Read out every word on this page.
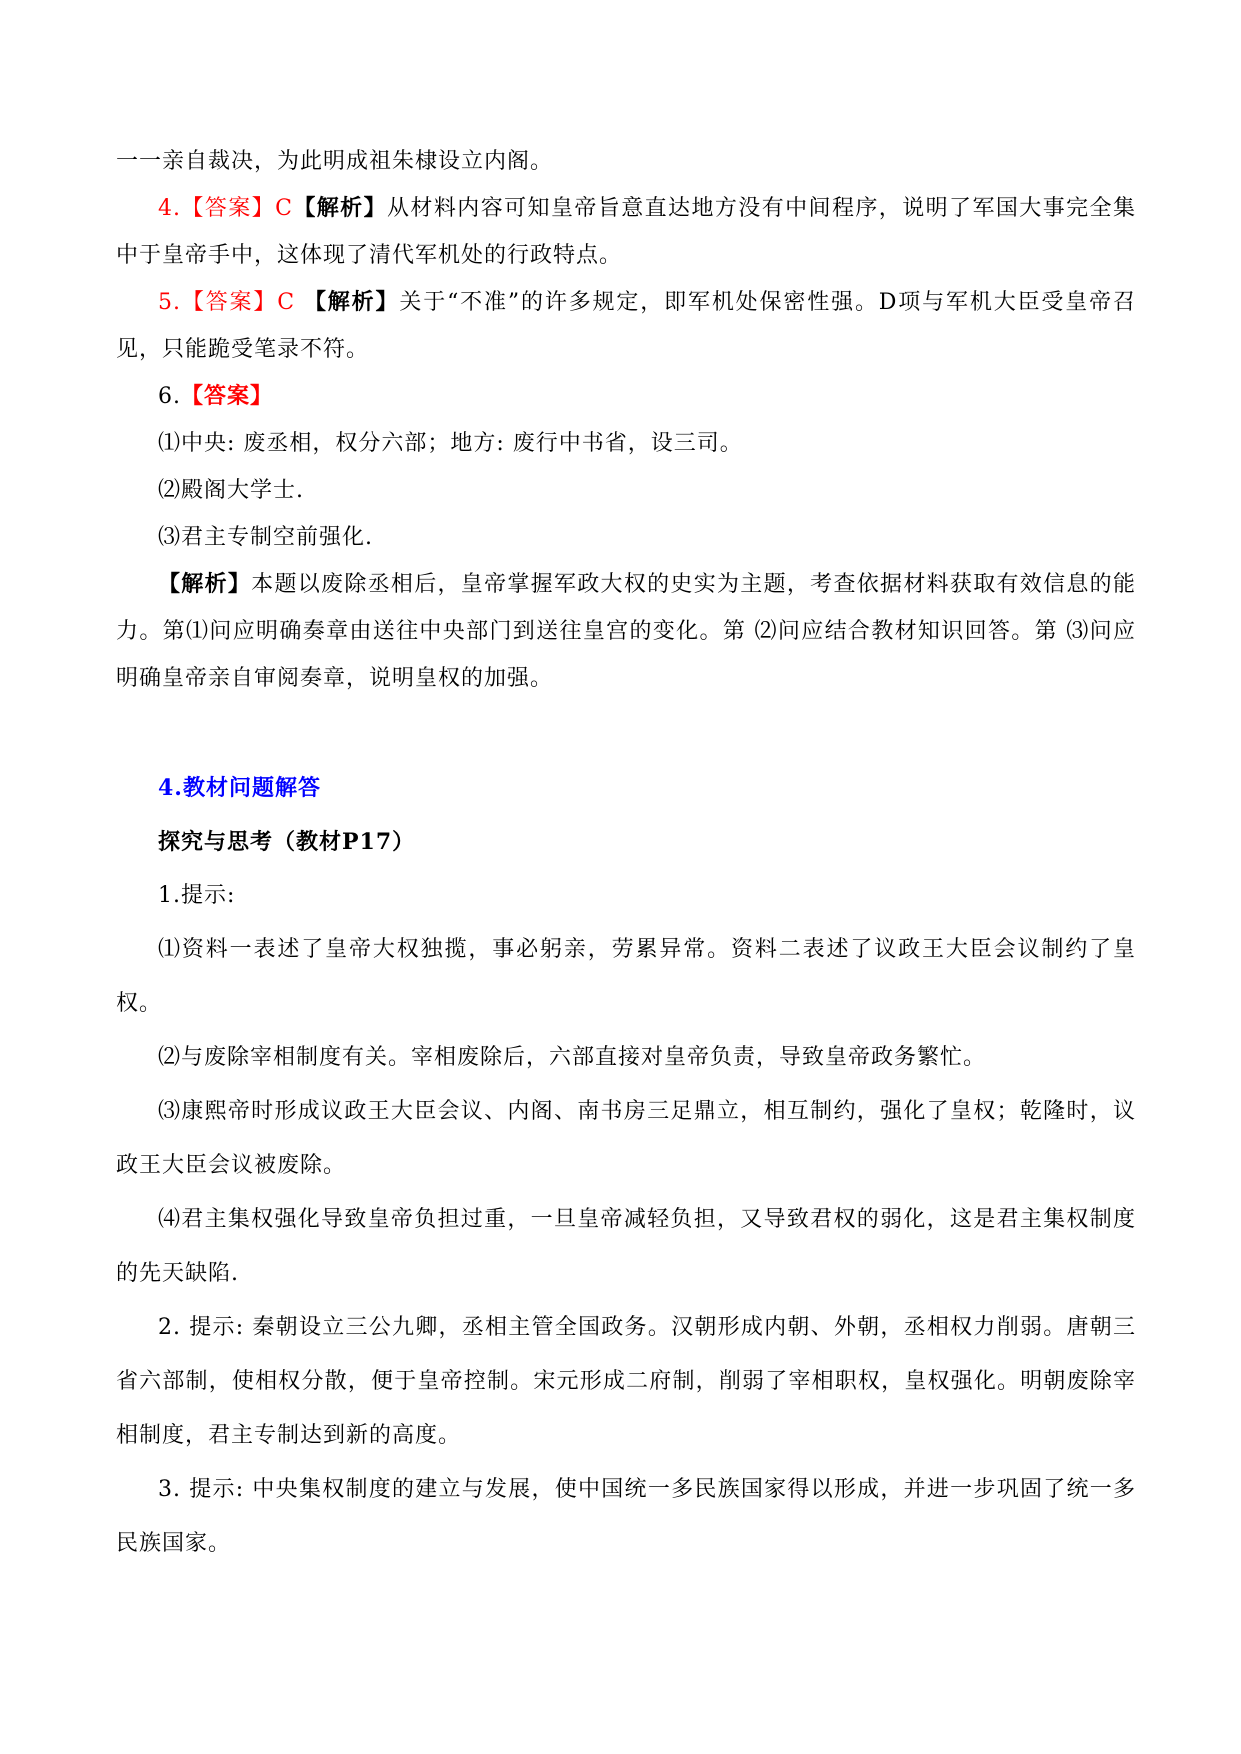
一一亲自裁决，为此明成祖朱棣设立内阁。

4.【答案】C【解析】从材料内容可知皇帝旨意直达地方没有中间程序，说明了军国大事完全集中于皇帝手中，这体现了清代军机处的行政特点。

5.【答案】C 【解析】关于“不准”的许多规定，即军机处保密性强。D项与军机大臣受皇帝召见，只能跪受笔录不符。

6.【答案】

⑴中央: 废丞相，权分六部；地方: 废行中书省，设三司。

⑵殿阁大学士.

⑶君主专制空前强化.

【解析】本题以废除丞相后，皇帝掌握军政大权的史实为主题，考查依据材料获取有效信息的能力。第⑴问应明确奏章由送往中央部门到送往皇宫的变化。第 ⑵问应结合教材知识回答。第 ⑶问应明确皇帝亲自审阅奏章，说明皇权的加强。

4.教材问题解答

探究与思考（教材P17）

1.提示:

⑴资料一表述了皇帝大权独揽，事必躬亲，劳累异常。资料二表述了议政王大臣会议制约了皇权。

⑵与废除宰相制度有关。宰相废除后，六部直接对皇帝负责，导致皇帝政务繁忙。

⑶康熙帝时形成议政王大臣会议、内阁、南书房三足鼎立，相互制约，强化了皇权；乾隆时，议政王大臣会议被废除。

⑷君主集权强化导致皇帝负担过重，一旦皇帝减轻负担，又导致君权的弱化，这是君主集权制度的先天缺陷.

2. 提示: 秦朝设立三公九卿，丞相主管全国政务。汉朝形成内朝、外朝，丞相权力削弱。唐朝三省六部制，使相权分散，便于皇帝控制。宋元形成二府制，削弱了宰相职权，皇权强化。明朝废除宰相制度，君主专制达到新的高度。

3. 提示: 中央集权制度的建立与发展，使中国统一多民族国家得以形成，并进一步巩固了统一多民族国家。
